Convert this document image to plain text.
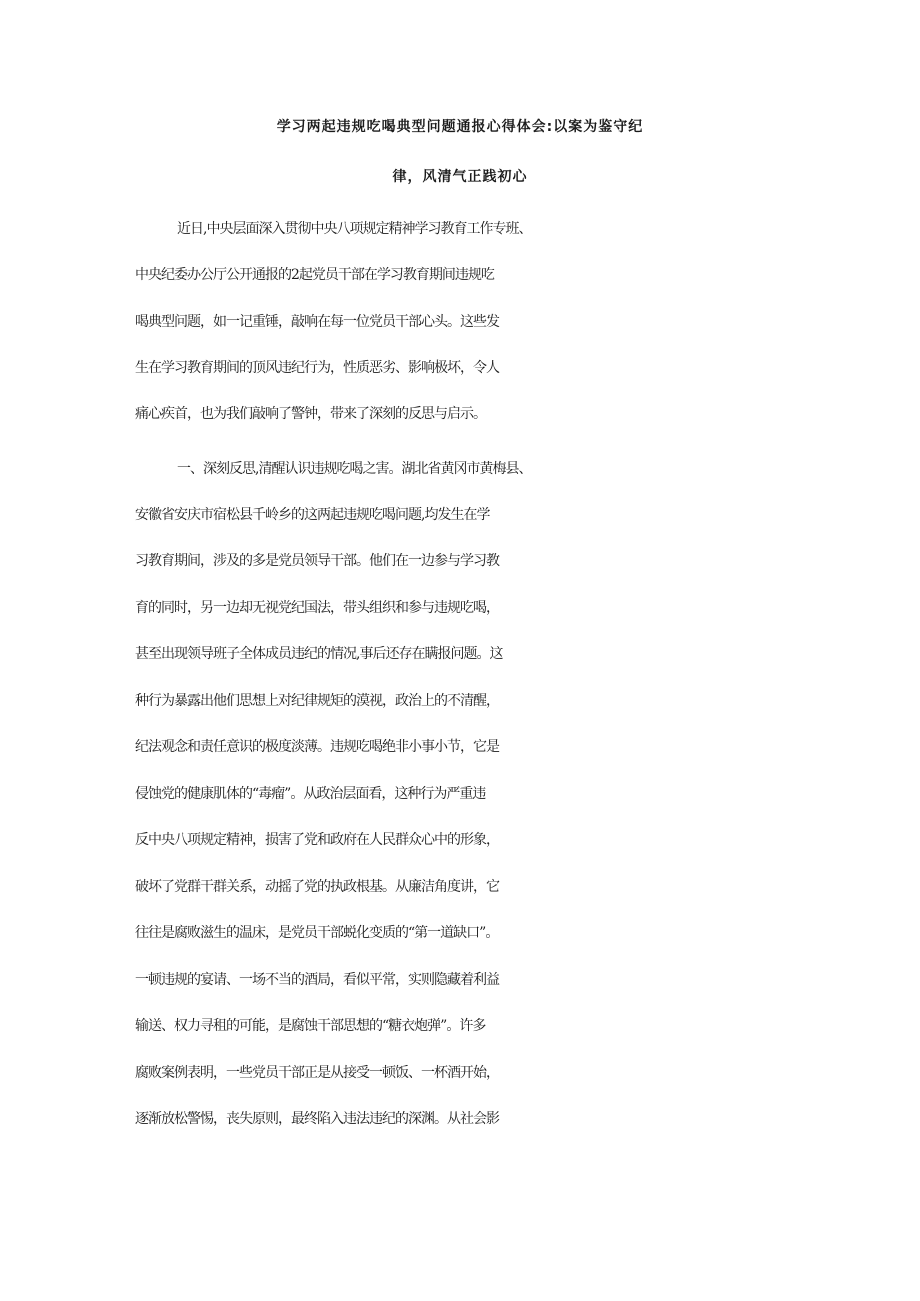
学习两起违规吃喝典型问题通报心得体会:以案为鉴守纪
律，风清气正践初心
近日,中央层面深入贯彻中央八项规定精神学习教育工作专班、
中央纪委办公厅公开通报的2起党员干部在学习教育期间违规吃
喝典型问题，如一记重锤，敲响在每一位党员干部心头。这些发
生在学习教育期间的顶风违纪行为，性质恶劣、影响极坏，令人
痛心疾首，也为我们敲响了警钟，带来了深刻的反思与启示。
一、深刻反思,清醒认识违规吃喝之害。湖北省黄冈市黄梅县、
安徽省安庆市宿松县千岭乡的这两起违规吃喝问题,均发生在学
习教育期间，涉及的多是党员领导干部。他们在一边参与学习教
育的同时，另一边却无视党纪国法，带头组织和参与违规吃喝，
甚至出现领导班子全体成员违纪的情况,事后还存在瞒报问题。这
种行为暴露出他们思想上对纪律规矩的漠视，政治上的不清醒，
纪法观念和责任意识的极度淡薄。违规吃喝绝非小事小节，它是
侵蚀党的健康肌体的“毒瘤”。从政治层面看，这种行为严重违
反中央八项规定精神，损害了党和政府在人民群众心中的形象，
破坏了党群干群关系，动摇了党的执政根基。从廉洁角度讲，它
往往是腐败滋生的温床，是党员干部蜕化变质的“第一道缺口”。
一顿违规的宴请、一场不当的酒局，看似平常，实则隐藏着利益
输送、权力寻租的可能，是腐蚀干部思想的“糖衣炮弹”。许多
腐败案例表明，一些党员干部正是从接受一顿饭、一杯酒开始，
逐渐放松警惕，丧失原则，最终陷入违法违纪的深渊。从社会影
